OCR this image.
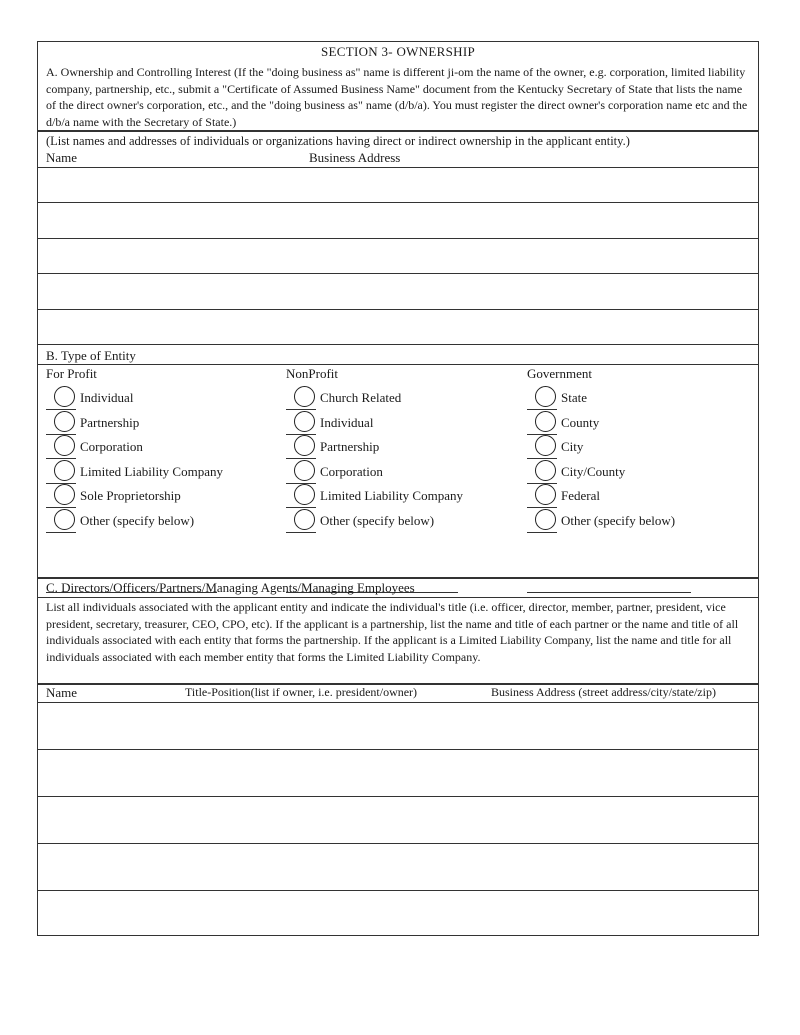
SECTION 3- OWNERSHIP
A. Ownership and Controlling Interest (If the "doing business as" name is different ji-om the name of the owner, e.g. corporation, limited liability company, partnership, etc., submit a "Certificate of Assumed Business Name" document from the Kentucky Secretary of State that lists the name of the direct owner's corporation, etc., and the "doing business as" name (d/b/a). You must register the direct owner's corporation name etc and the d/b/a name with the Secretary of State.)
(List names and addresses of individuals or organizations having direct or indirect ownership in the applicant entity.)
Name	Business Address
B. Type of Entity
For Profit
Individual
Partnership
Corporation
Limited Liability Company
Sole Proprietorship
Other (specify below)
NonProfit
Church Related
Individual
Partnership
Corporation
Limited Liability Company
Other (specify below)
Government
State
County
City
City/County
Federal
Other (specify below)
C. Directors/Officers/Partners/Managing Agents/Managing Employees
List all individuals associated with the applicant entity and indicate the individual's title (i.e. officer, director, member, partner, president, vice president, secretary, treasurer, CEO, CPO, etc). If the applicant is a partnership, list the name and title of each partner or the name and title of all individuals associated with each entity that forms the partnership. If the applicant is a Limited Liability Company, list the name and title for all individuals associated with each member entity that forms the Limited Liability Company.
Name	Title-Position(list if owner, i.e. president/owner)	Business Address (street address/city/state/zip)
